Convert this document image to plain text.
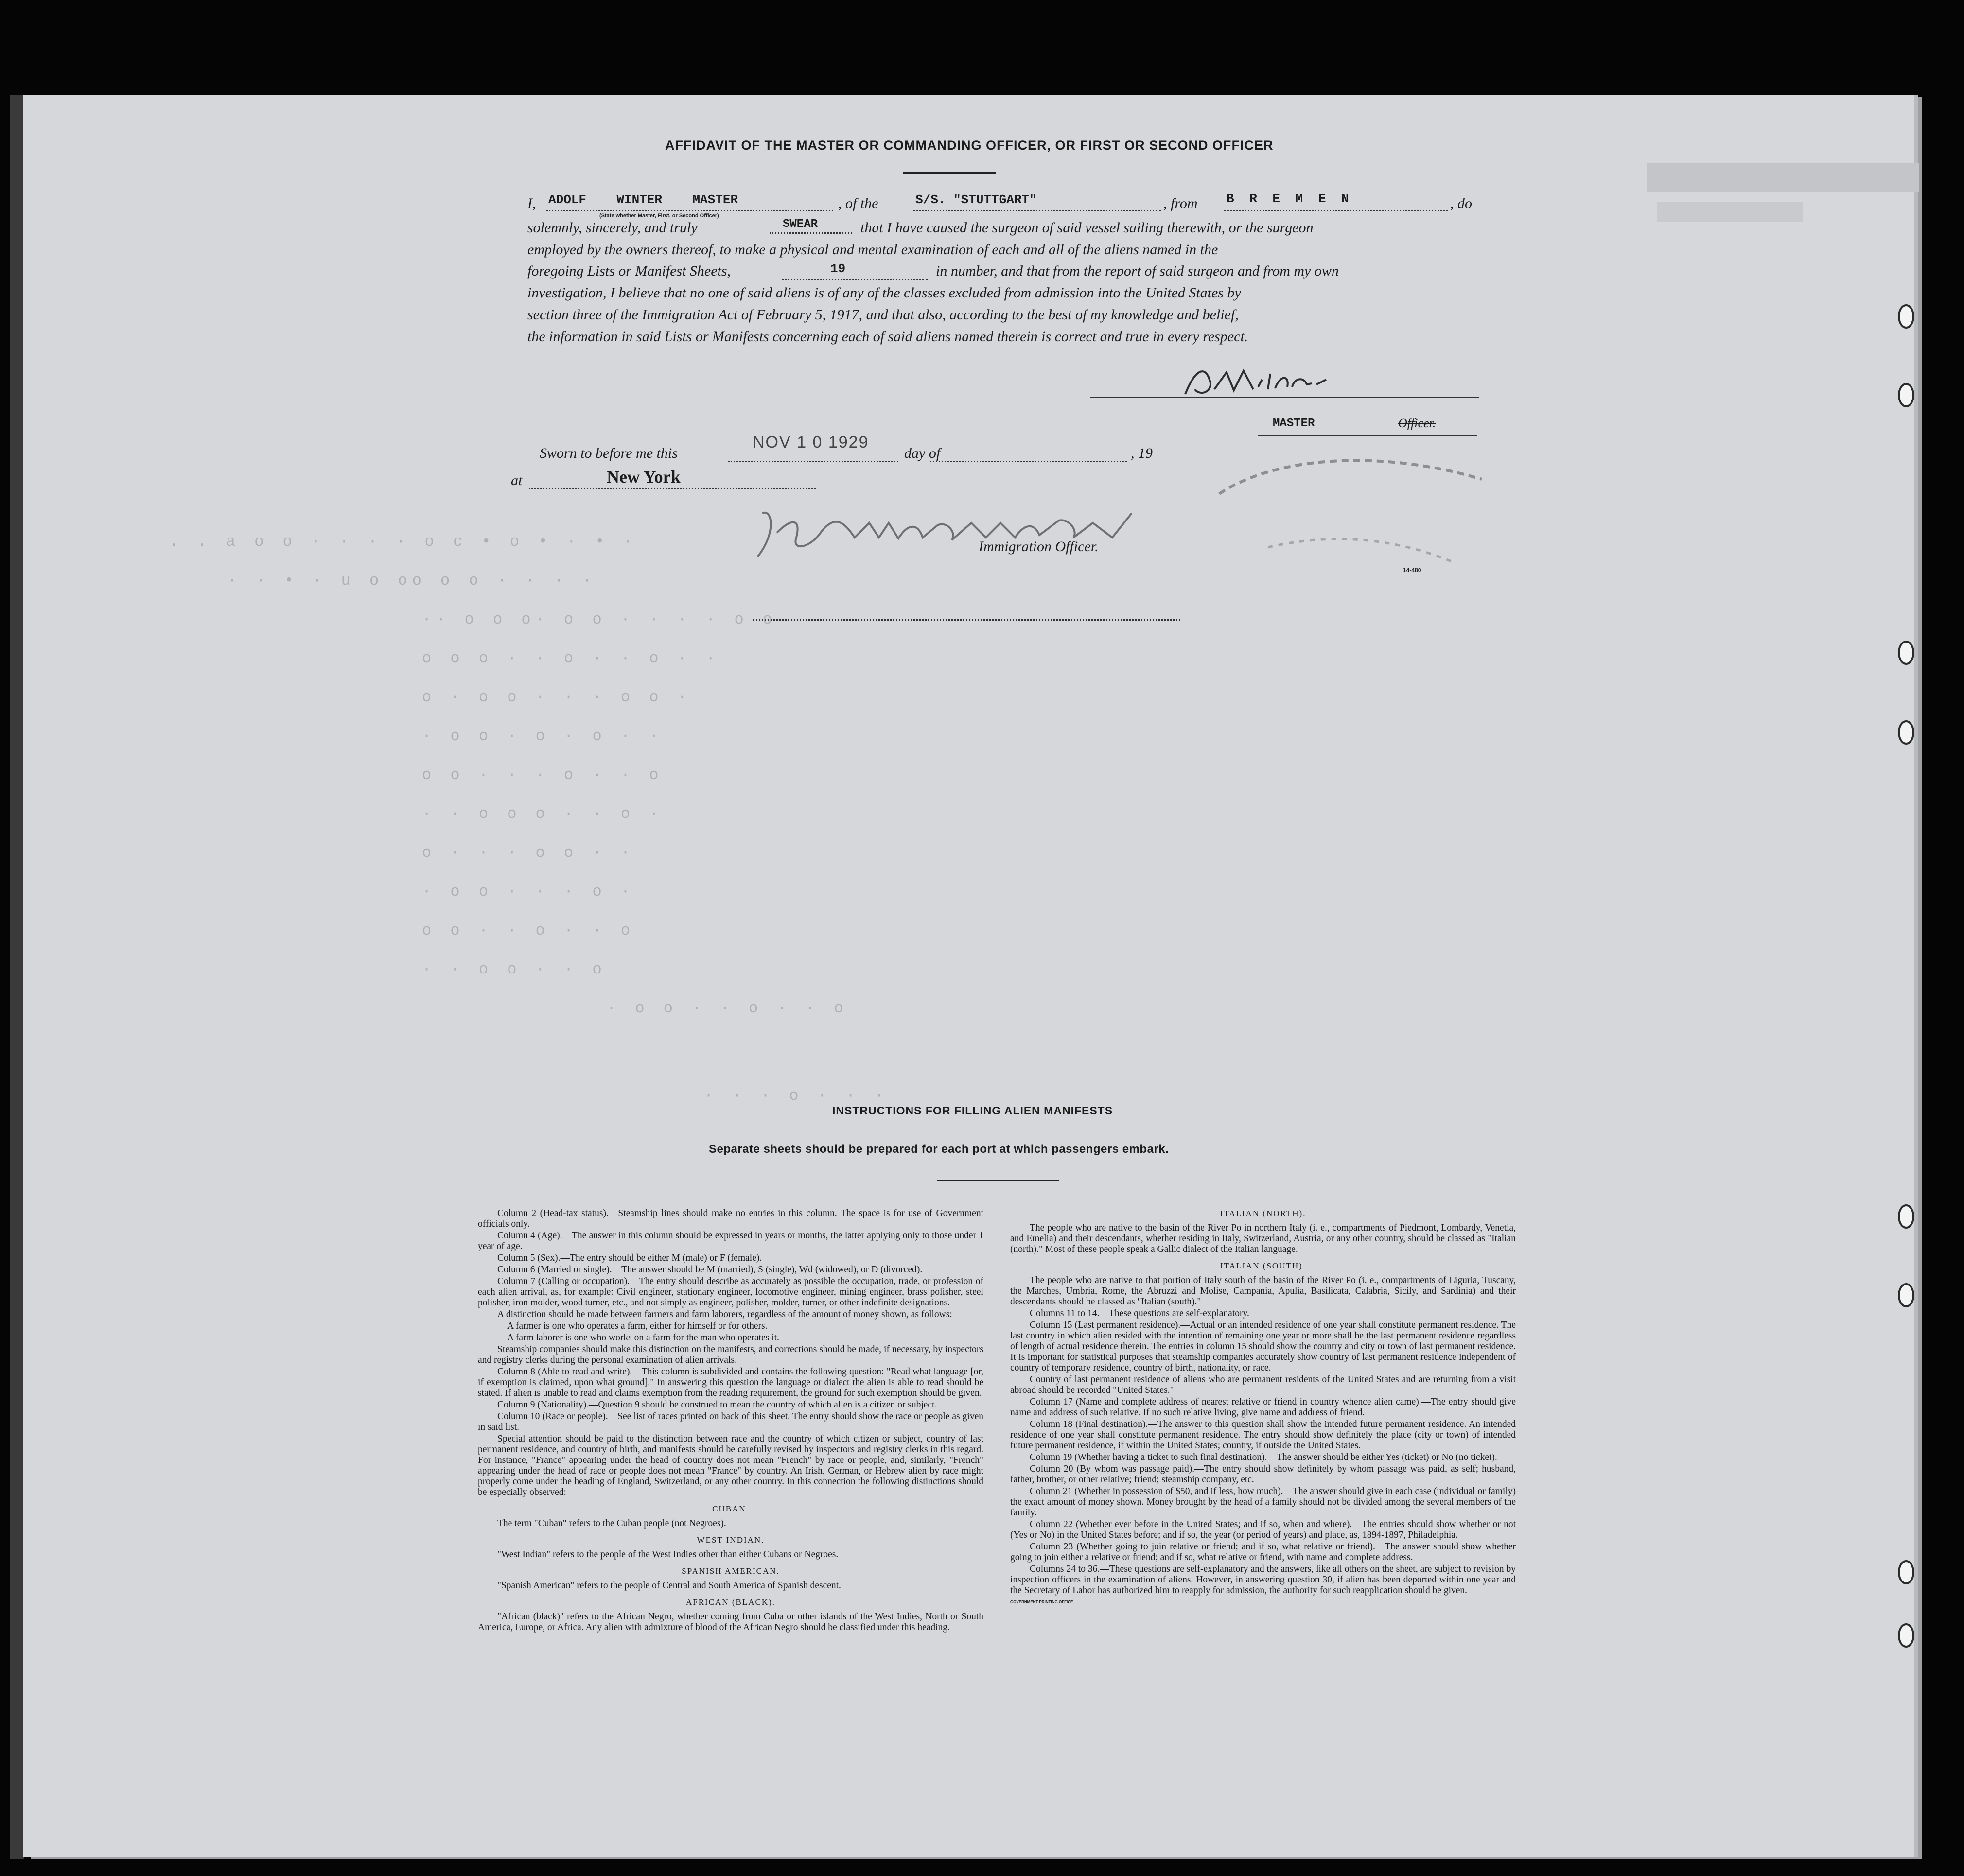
. . a o o · · · · o c • o • · • ·
· · • · u o oo o o · · · ·
·· o o o· o o · · · · o o
o o o · · o · · o · ·
o · o o · · · o o ·
· o o · o · o · ·
o o · · · o · · o
· · o o o · · o ·
o · · · o o · ·
· o o · · · o ·
o o · · o · · o
· · o o · · o
· o o · · o · · o
· · · o · · ·
AFFIDAVIT OF THE MASTER OR COMMANDING OFFICER, OR FIRST OR SECOND OFFICER
I, ADOLF    WINTER    MASTER
(State whether Master, First, or Second Officer)
, of the	S/S. "STUTTGART"	, from B R E M E N	, do
solemnly, sincerely, and truly	SWEAR	that I have caused the surgeon of said vessel sailing therewith, or the surgeon
employed by the owners thereof, to make a physical and mental examination of each and all of the aliens named in the
foregoing Lists or Manifest Sheets,	19	in number, and that from the report of said surgeon and from my own
investigation, I believe that no one of said aliens is of any of the classes excluded from admission into the United States by
section three of the Immigration Act of February 5, 1917, and that also, according to the best of my knowledge and belief,
the information in said Lists or Manifests concerning each of said aliens named therein is correct and true in every respect.
MASTER	Officer.
Sworn to before me this
NOV 1 0 1929
day of	, 19
at	New York
Immigration Officer.
14-480
INSTRUCTIONS FOR FILLING ALIEN MANIFESTS
Separate sheets should be prepared for each port at which passengers embark.

Column 2 (Head-tax status).—Steamship lines should make no entries in this column. The space is for use of Government officials only.

Column 4 (Age).—The answer in this column should be expressed in years or months, the latter applying only to those under 1 year of age.

Column 5 (Sex).—The entry should be either M (male) or F (female).

Column 6 (Married or single).—The answer should be M (married), S (single), Wd (widowed), or D (divorced).

Column 7 (Calling or occupation).—The entry should describe as accurately as possible the occupation, trade, or profession of each alien arrival, as, for example: Civil engineer, stationary engineer, locomotive engineer, mining engineer, brass polisher, steel polisher, iron molder, wood turner, etc., and not simply as engineer, polisher, molder, turner, or other indefinite designations.

A distinction should be made between farmers and farm laborers, regardless of the amount of money shown, as follows:

A farmer is one who operates a farm, either for himself or for others.

A farm laborer is one who works on a farm for the man who operates it.

Steamship companies should make this distinction on the manifests, and corrections should be made, if necessary, by inspectors and registry clerks during the personal examination of alien arrivals.

Column 8 (Able to read and write).—This column is subdivided and contains the following question: "Read what language [or, if exemption is claimed, upon what ground]." In answering this question the language or dialect the alien is able to read should be stated. If alien is unable to read and claims exemption from the reading requirement, the ground for such exemption should be given.

Column 9 (Nationality).—Question 9 should be construed to mean the country of which alien is a citizen or subject.

Column 10 (Race or people).—See list of races printed on back of this sheet. The entry should show the race or people as given in said list.

Special attention should be paid to the distinction between race and the country of which citizen or subject, country of last permanent residence, and country of birth, and manifests should be carefully revised by inspectors and registry clerks in this regard. For instance, "France" appearing under the head of country does not mean "French" by race or people, and, similarly, "French" appearing under the head of race or people does not mean "France" by country. An Irish, German, or Hebrew alien by race might properly come under the heading of England, Switzerland, or any other country. In this connection the following distinctions should be especially observed:

CUBAN.

The term "Cuban" refers to the Cuban people (not Negroes).

WEST INDIAN.

"West Indian" refers to the people of the West Indies other than either Cubans or Negroes.

SPANISH AMERICAN.

"Spanish American" refers to the people of Central and South America of Spanish descent.

AFRICAN (BLACK).

"African (black)" refers to the African Negro, whether coming from Cuba or other islands of the West Indies, North or South America, Europe, or Africa. Any alien with admixture of blood of the African Negro should be classified under this heading.

ITALIAN (NORTH).

The people who are native to the basin of the River Po in northern Italy (i. e., compartments of Piedmont, Lombardy, Venetia, and Emelia) and their descendants, whether residing in Italy, Switzerland, Austria, or any other country, should be classed as "Italian (north)." Most of these people speak a Gallic dialect of the Italian language.

ITALIAN (SOUTH).

The people who are native to that portion of Italy south of the basin of the River Po (i. e., compartments of Liguria, Tuscany, the Marches, Umbria, Rome, the Abruzzi and Molise, Campania, Apulia, Basilicata, Calabria, Sicily, and Sardinia) and their descendants should be classed as "Italian (south)."

Columns 11 to 14.—These questions are self-explanatory.

Column 15 (Last permanent residence).—Actual or an intended residence of one year shall constitute permanent residence. The last country in which alien resided with the intention of remaining one year or more shall be the last permanent residence regardless of length of actual residence therein. The entries in column 15 should show the country and city or town of last permanent residence. It is important for statistical purposes that steamship companies accurately show country of last permanent residence independent of country of temporary residence, country of birth, nationality, or race.

Country of last permanent residence of aliens who are permanent residents of the United States and are returning from a visit abroad should be recorded "United States."

Column 17 (Name and complete address of nearest relative or friend in country whence alien came).—The entry should give name and address of such relative. If no such relative living, give name and address of friend.

Column 18 (Final destination).—The answer to this question shall show the intended future permanent residence. An intended residence of one year shall constitute permanent residence. The entry should show definitely the place (city or town) of intended future permanent residence, if within the United States; country, if outside the United States.

Column 19 (Whether having a ticket to such final destination).—The answer should be either Yes (ticket) or No (no ticket).

Column 20 (By whom was passage paid).—The entry should show definitely by whom passage was paid, as self; husband, father, brother, or other relative; friend; steamship company, etc.

Column 21 (Whether in possession of $50, and if less, how much).—The answer should give in each case (individual or family) the exact amount of money shown. Money brought by the head of a family should not be divided among the several members of the family.

Column 22 (Whether ever before in the United States; and if so, when and where).—The entries should show whether or not (Yes or No) in the United States before; and if so, the year (or period of years) and place, as, 1894-1897, Philadelphia.

Column 23 (Whether going to join relative or friend; and if so, what relative or friend).—The answer should show whether going to join either a relative or friend; and if so, what relative or friend, with name and complete address.

Columns 24 to 36.—These questions are self-explanatory and the answers, like all others on the sheet, are subject to revision by inspection officers in the examination of aliens. However, in answering question 30, if alien has been deported within one year and the Secretary of Labor has authorized him to reapply for admission, the authority for such reapplication should be given.

GOVERNMENT PRINTING OFFICE
